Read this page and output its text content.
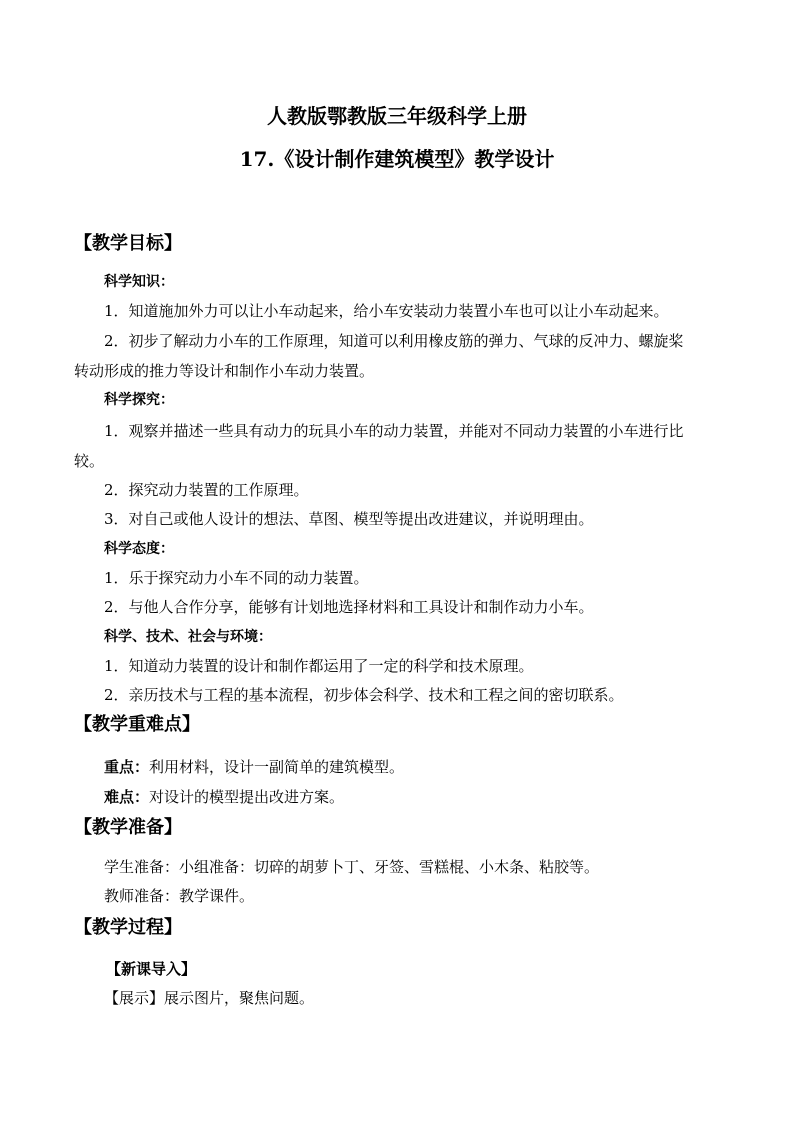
人教版鄂教版三年级科学上册
17.《设计制作建筑模型》教学设计
【教学目标】
科学知识：
1．知道施加外力可以让小车动起来，给小车安装动力装置小车也可以让小车动起来。
2．初步了解动力小车的工作原理，知道可以利用橡皮筋的弹力、气球的反冲力、螺旋桨
转动形成的推力等设计和制作小车动力装置。
科学探究：
1．观察并描述一些具有动力的玩具小车的动力装置，并能对不同动力装置的小车进行比
较。
2．探究动力装置的工作原理。
3．对自己或他人设计的想法、草图、模型等提出改进建议，并说明理由。
科学态度：
1．乐于探究动力小车不同的动力装置。
2．与他人合作分享，能够有计划地选择材料和工具设计和制作动力小车。
科学、技术、社会与环境：
1．知道动力装置的设计和制作都运用了一定的科学和技术原理。
2．亲历技术与工程的基本流程，初步体会科学、技术和工程之间的密切联系。
【教学重难点】
重点：利用材料，设计一副简单的建筑模型。
难点：对设计的模型提出改进方案。
【教学准备】
学生准备：小组准备：切碎的胡萝卜丁、牙签、雪糕棍、小木条、粘胶等。
教师准备：教学课件。
【教学过程】
【新课导入】
【展示】展示图片，聚焦问题。
